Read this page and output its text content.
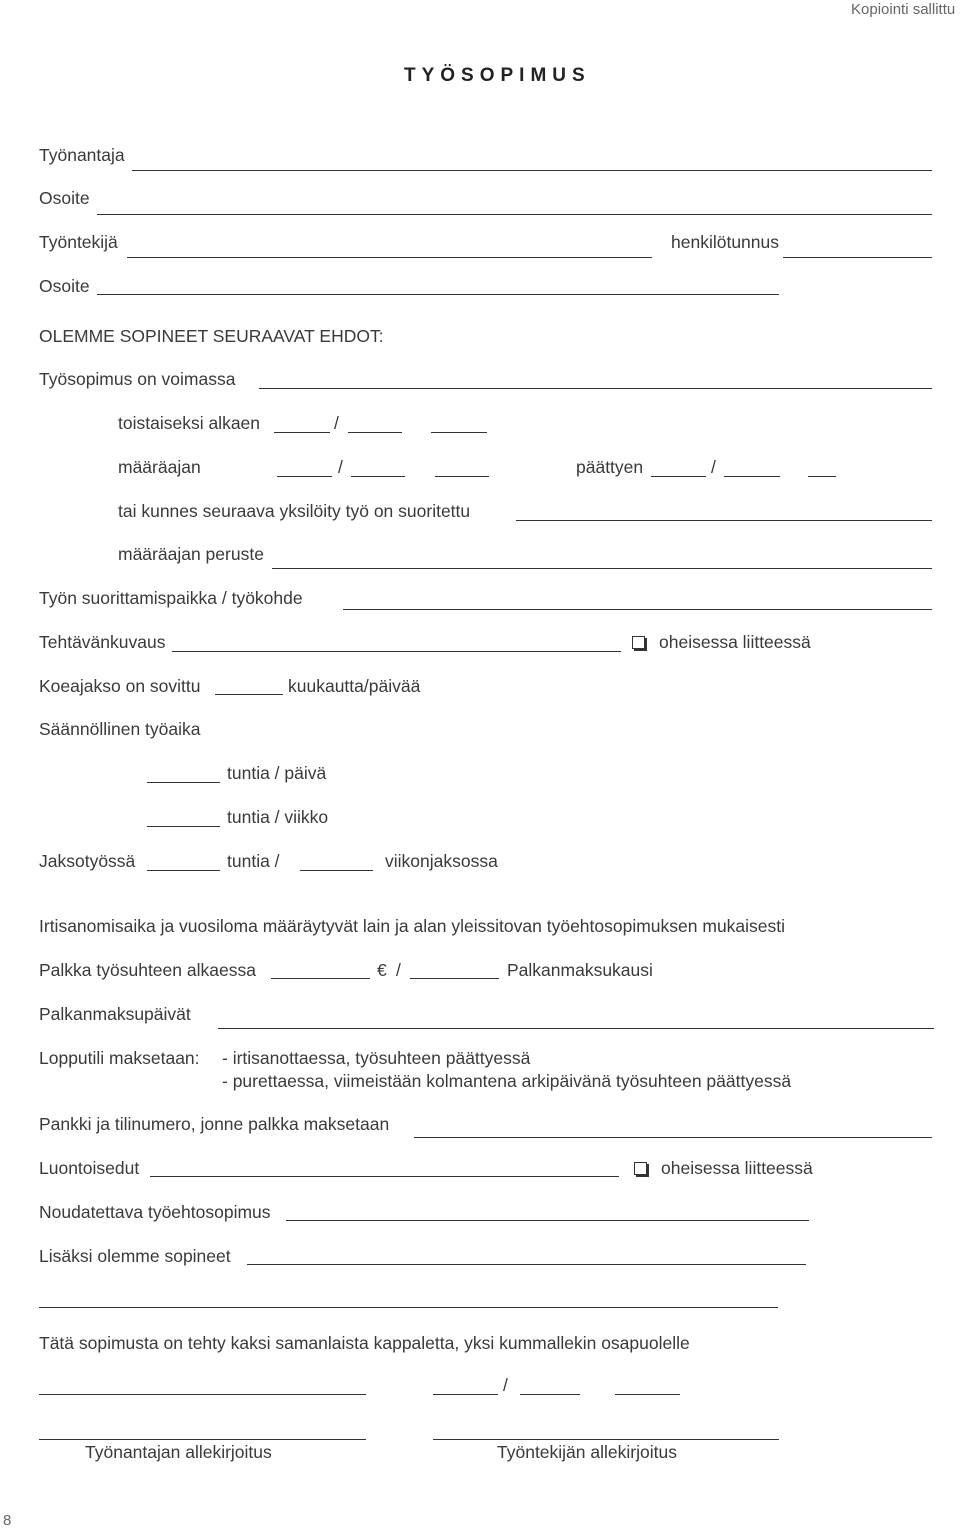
Kopiointi sallittu
TYÖSOPIMUS
Työnantaja
Osoite
Työntekijä	henkilötunnus
Osoite
OLEMME SOPINEET SEURAAVAT EHDOT:
Työsopimus on voimassa
toistaiseksi alkaen	/
määräajan	/	päättyen	/
tai kunnes seuraava yksilöity työ on suoritettu
määräajan peruste
Työn suorittamispaikka / työkohde
Tehtävänkuvaus	oheisessa liitteessä
Koeajakso on sovittu	kuukautta/päivää
Säännöllinen työaika
tuntia / päivä
tuntia / viikko
Jaksotyössä	tuntia /	viikonjaksossa
Irtisanomisaika ja vuosiloma määräytyvät lain ja alan yleissitovan työehtosopimuksen mukaisesti
Palkka työsuhteen alkaessa	€ /	Palkanmaksukausi
Palkanmaksupäivät
Lopputili maksetaan: - irtisanottaessa, työsuhteen päättyessä
- purettaessa, viimeistään kolmantena arkipäivänä työsuhteen päättyessä
Pankki ja tilinumero, jonne palkka maksetaan
Luontoisedut	oheisessa liitteessä
Noudatettava työehtosopimus
Lisäksi olemme sopineet
Tätä sopimusta on tehty kaksi samanlaista kappaletta, yksi kummallekin osapuolelle
/
Työnantajan allekirjoitus	Työntekijän allekirjoitus
8
